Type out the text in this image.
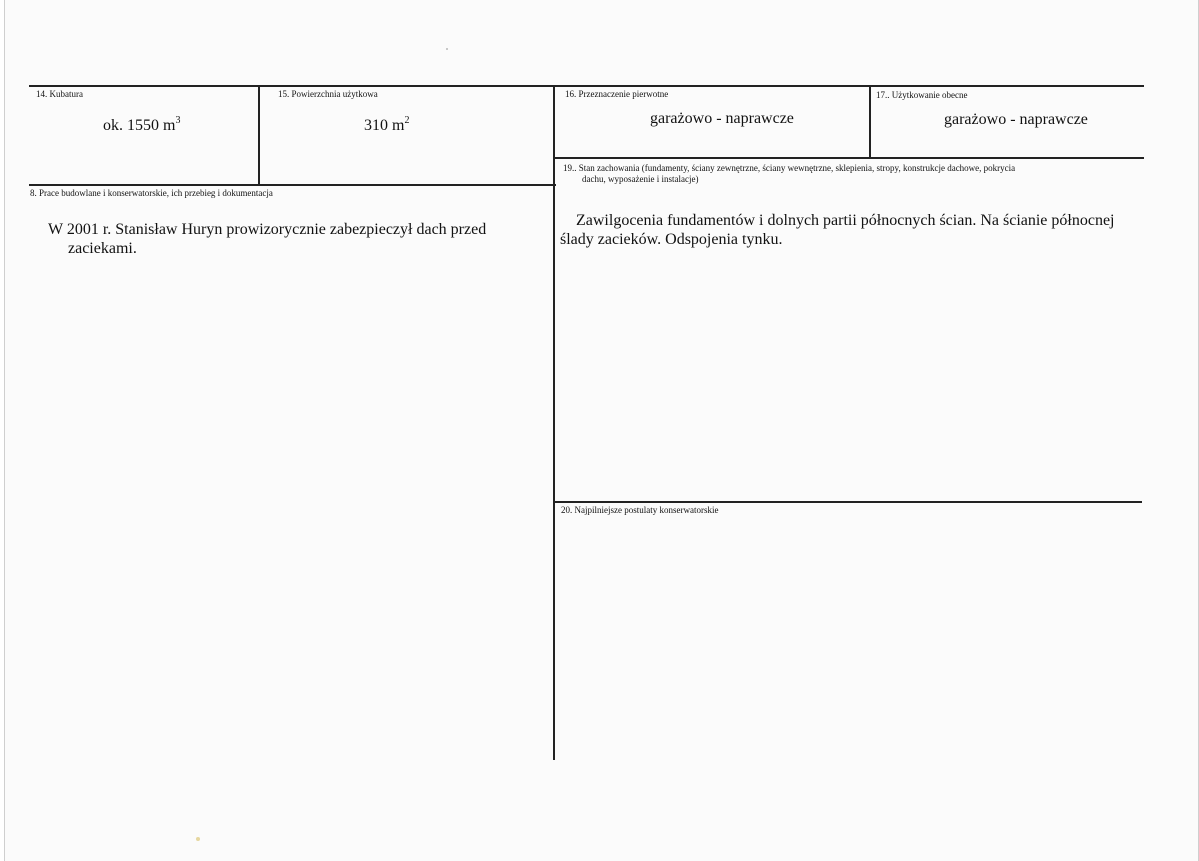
14. Kubatura
ok. 1550 $m^3$
15. Powierzchnia użytkowa
310 $m^2$
16. Przeznaczenie pierwotne
garażowo - naprawcze
17.. Użytkowanie obecne
garażowo - naprawcze
8. Prace budowlane i konserwatorskie, ich przebieg i dokumentacja
W 2001 r. Stanisław Huryn prowizorycznie zabezpieczył dach przed
zaciekami.
19.. Stan zachowania (fundamenty, ściany zewnętrzne, ściany wewnętrzne, sklepienia, stropy, konstrukcje dachowe, pokrycia
dachu, wyposażenie i instalacje)
Zawilgocenia fundamentów i dolnych partii północnych ścian. Na ścianie północnej
ślady zacieków. Odspojenia tynku.
20. Najpilniejsze postulaty konserwatorskie
